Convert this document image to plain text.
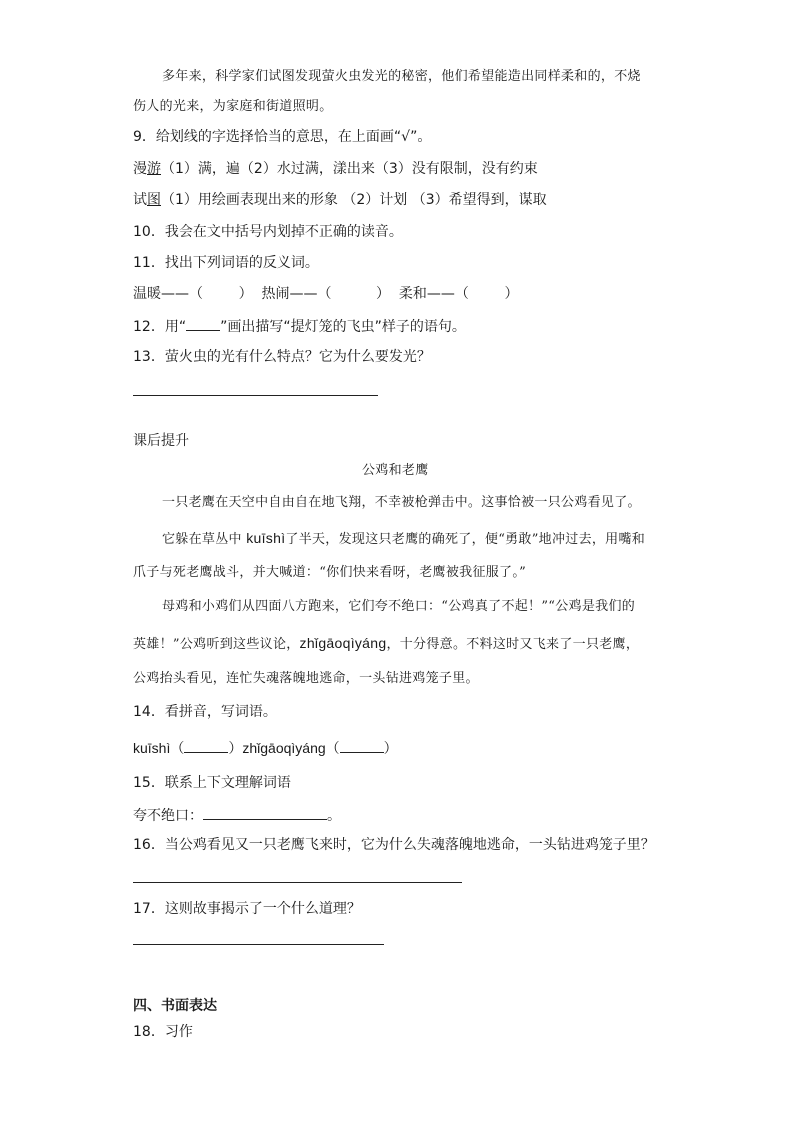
多年来，科学家们试图发现萤火虫发光的秘密，他们希望能造出同样柔和的，不烧
伤人的光来，为家庭和街道照明。
9．给划线的字选择恰当的意思，在上面画“√”。
漫游（1）满，遍（2）水过满，漾出来（3）没有限制，没有约束
试图（1）用绘画表现出来的形象 （2）计划 （3）希望得到，谋取
10．我会在文中括号内划掉不正确的读音。
11．找出下列词语的反义词。
温暖——（        ）  热闹——（          ）  柔和——（        ）
12．用“ ”画出描写“提灯笼的飞虫”样子的语句。
13．萤火虫的光有什么特点？它为什么要发光？
课后提升
公鸡和老鹰
一只老鹰在天空中自由自在地飞翔，不幸被枪弹击中。这事恰被一只公鸡看见了。
它躲在草丛中 kuīshì了半天，发现这只老鹰的确死了，便“勇敢”地冲过去，用嘴和
爪子与死老鹰战斗，并大喊道：“你们快来看呀，老鹰被我征服了。”
母鸡和小鸡们从四面八方跑来，它们夸不绝口：“公鸡真了不起！”“公鸡是我们的
英雄！”公鸡听到这些议论，zhǐgāoqìyáng，十分得意。不料这时又飞来了一只老鹰，
公鸡抬头看见，连忙失魂落魄地逃命，一头钻进鸡笼子里。
14．看拼音，写词语。
kuīshì（	）zhǐgāoqìyáng（	）
15．联系上下文理解词语
夸不绝口：	。
16．当公鸡看见又一只老鹰飞来时，它为什么失魂落魄地逃命，一头钻进鸡笼子里？
17．这则故事揭示了一个什么道理？
四、书面表达
18．习作
